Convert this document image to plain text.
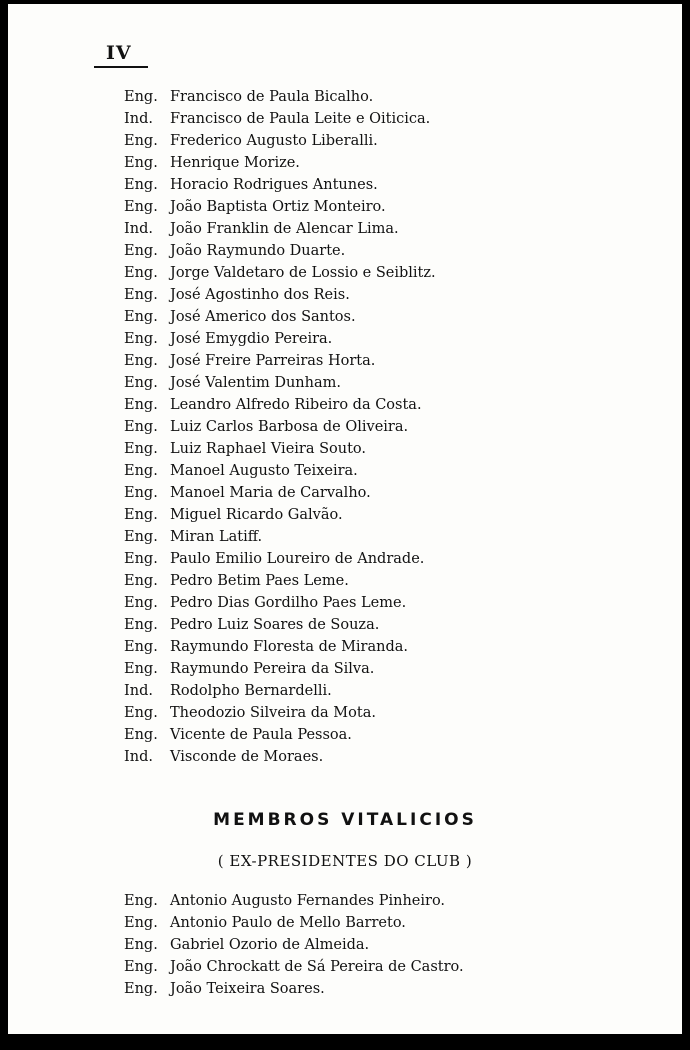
IV
Eng. Francisco de Paula Bicalho.
Ind. Francisco de Paula Leite e Oiticica.
Eng. Frederico Augusto Liberalli.
Eng. Henrique Morize.
Eng. Horacio Rodrigues Antunes.
Eng. João Baptista Ortiz Monteiro.
Ind. João Franklin de Alencar Lima.
Eng. João Raymundo Duarte.
Eng. Jorge Valdetaro de Lossio e Seiblitz.
Eng. José Agostinho dos Reis.
Eng. José Americo dos Santos.
Eng. José Emygdio Pereira.
Eng. José Freire Parreiras Horta.
Eng. José Valentim Dunham.
Eng. Leandro Alfredo Ribeiro da Costa.
Eng. Luiz Carlos Barbosa de Oliveira.
Eng. Luiz Raphael Vieira Souto.
Eng. Manoel Augusto Teixeira.
Eng. Manoel Maria de Carvalho.
Eng. Miguel Ricardo Galvão.
Eng. Miran Latiff.
Eng. Paulo Emilio Loureiro de Andrade.
Eng. Pedro Betim Paes Leme.
Eng. Pedro Dias Gordilho Paes Leme.
Eng. Pedro Luiz Soares de Souza.
Eng. Raymundo Floresta de Miranda.
Eng. Raymundo Pereira da Silva.
Ind. Rodolpho Bernardelli.
Eng. Theodozio Silveira da Mota.
Eng. Vicente de Paula Pessoa.
Ind. Visconde de Moraes.
MEMBROS VITALICIOS
( EX-PRESIDENTES DO CLUB )
Eng. Antonio Augusto Fernandes Pinheiro.
Eng. Antonio Paulo de Mello Barreto.
Eng. Gabriel Ozorio de Almeida.
Eng. João Chrockatt de Sá Pereira de Castro.
Eng. João Teixeira Soares.
